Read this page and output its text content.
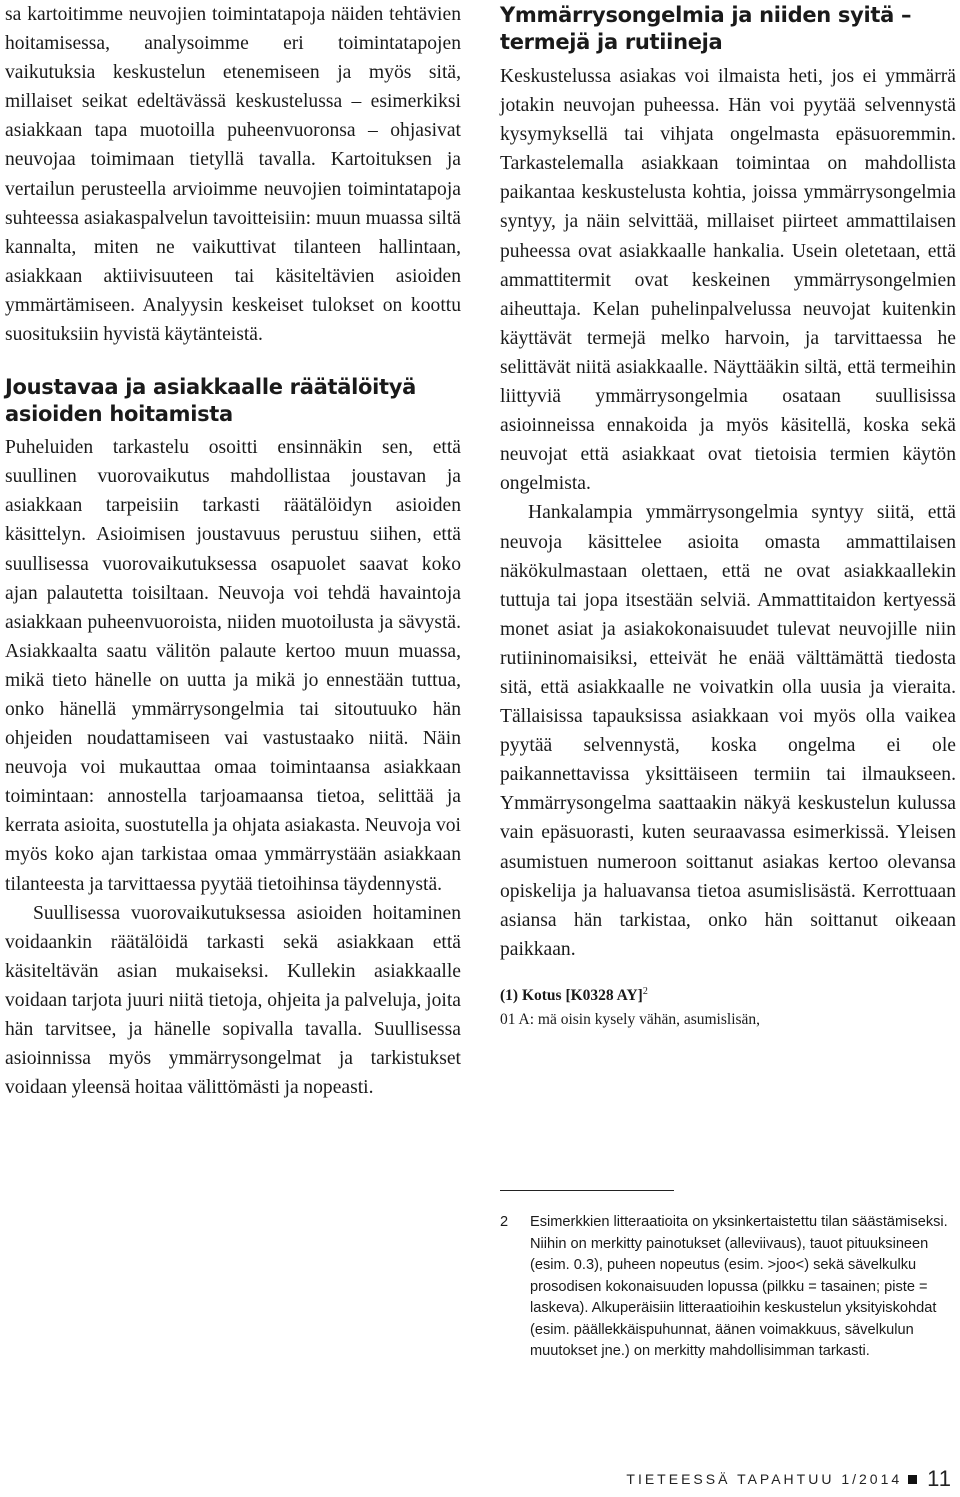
sa kartoitimme neuvojien toimintatapoja näiden tehtävien hoitamisessa, analysoimme eri toimintatapojen vaikutuksia keskustelun etenemiseen ja myös sitä, millaiset seikat edeltävässä keskustelussa – esimerkiksi asiakkaan tapa muotoilla puheenvuoronsa – ohjasivat neuvojaa toimimaan tietyllä tavalla. Kartoituksen ja vertailun perusteella arvioimme neuvojien toimintatapoja suhteessa asiakaspalvelun tavoitteisiin: muun muassa siltä kannalta, miten ne vaikuttivat tilanteen hallintaan, asiakkaan aktiivisuuteen tai käsiteltävien asioiden ymmärtämiseen. Analyysin keskeiset tulokset on koottu suosituksiin hyvistä käytänteistä.

Joustavaa ja asiakkaalle räätälöityä asioiden hoitamista

Puheluiden tarkastelu osoitti ensinnäkin sen, että suullinen vuorovaikutus mahdollistaa joustavan ja asiakkaan tarpeisiin tarkasti räätälöidyn asioiden käsittelyn. Asioimisen joustavuus perustuu siihen, että suullisessa vuorovaikutuksessa osapuolet saavat koko ajan palautetta toisiltaan. Neuvoja voi tehdä havaintoja asiakkaan puheenvuoroista, niiden muotoilusta ja sävystä. Asiakkaalta saatu välitön palaute kertoo muun muassa, mikä tieto hänelle on uutta ja mikä jo ennestään tuttua, onko hänellä ymmärrysongelmia tai sitoutuuko hän ohjeiden noudattamiseen vai vastustaako niitä. Näin neuvoja voi mukauttaa omaa toimintaansa asiakkaan toimintaan: annostella tarjoamaansa tietoa, selittää ja kerrata asioita, suostutella ja ohjata asiakasta. Neuvoja voi myös koko ajan tarkistaa omaa ymmärrystään asiakkaan tilanteesta ja tarvittaessa pyytää tietoihinsa täydennystä.

Suullisessa vuorovaikutuksessa asioiden hoitaminen voidaankin räätälöidä tarkasti sekä asiakkaan että käsiteltävän asian mukaiseksi. Kullekin asiakkaalle voidaan tarjota juuri niitä tietoja, ohjeita ja palveluja, joita hän tarvitsee, ja hänelle sopivalla tavalla. Suullisessa asioinnissa myös ymmärrysongelmat ja tarkistukset voidaan yleensä hoitaa välittömästi ja nopeasti.

Ymmärrysongelmia ja niiden syitä – termejä ja rutiineja

Keskustelussa asiakas voi ilmaista heti, jos ei ymmärrä jotakin neuvojan puheessa. Hän voi pyytää selvennystä kysymyksellä tai vihjata ongelmasta epäsuoremmin. Tarkastelemalla asiakkaan toimintaa on mahdollista paikantaa keskustelusta kohtia, joissa ymmärrysongelmia syntyy, ja näin selvittää, millaiset piirteet ammattilaisen puheessa ovat asiakkaalle hankalia. Usein oletetaan, että ammattitermit ovat keskeinen ymmärrysongelmien aiheuttaja. Kelan puhelinpalvelussa neuvojat kuitenkin käyttävät termejä melko harvoin, ja tarvittaessa he selittävät niitä asiakkaalle. Näyttääkin siltä, että termeihin liittyviä ymmärrysongelmia osataan suullisissa asioinneissa ennakoida ja myös käsitellä, koska sekä neuvojat että asiakkaat ovat tietoisia termien käytön ongelmista.

Hankalampia ymmärrysongelmia syntyy siitä, että neuvoja käsittelee asioita omasta ammattilaisen näkökulmastaan olettaen, että ne ovat asiakkaallekin tuttuja tai jopa itsestään selviä. Ammattitaidon kertyessä monet asiat ja asiakokonaisuudet tulevat neuvojille niin rutiininomaisiksi, etteivät he enää välttämättä tiedosta sitä, että asiakkaalle ne voivatkin olla uusia ja vieraita. Tällaisissa tapauksissa asiakkaan voi myös olla vaikea pyytää selvennystä, koska ongelma ei ole paikannettavissa yksittäiseen termiin tai ilmaukseen. Ymmärrysongelma saattaakin näkyä keskustelun kulussa vain epäsuorasti, kuten seuraavassa esimerkissä. Yleisen asumistuen numeroon soittanut asiakas kertoo olevansa opiskelija ja haluavansa tietoa asumislisästä. Kerrottuaan asiansa hän tarkistaa, onko hän soittanut oikeaan paikkaan.

(1) Kotus [K0328 AY]$^2$

01 A: mä oisin kysely vähän, asumislisän,

2 Esimerkkien litteraatioita on yksinkertaistettu tilan säästämiseksi. Niihin on merkitty painotukset (alleviivaus), tauot pituuksineen (esim. 0.3), puheen nopeutus (esim. >joo<) sekä sävelkulku prosodisen kokonaisuuden lopussa (pilkku = tasainen; piste = laskeva). Alkuperäisiin litteraatioihin keskustelun yksityiskohdat (esim. päällekkäispuhunnat, äänen voimakkuus, sävelkulun muutokset jne.) on merkitty mahdollisimman tarkasti.
TIETEESSÄ TAPAHTUU 1/2014 11
